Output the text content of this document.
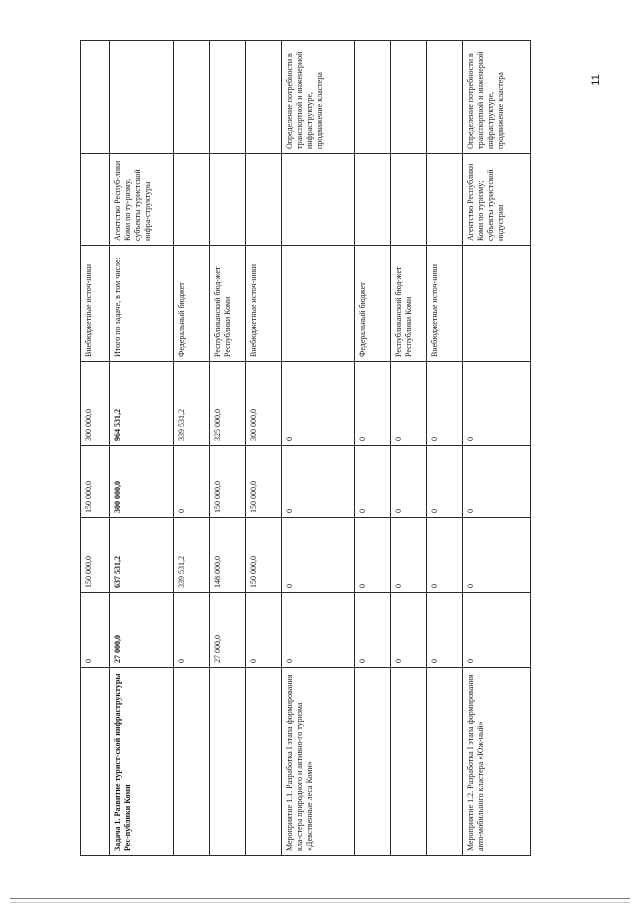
	0	150 000,0	150 000,0	300 000,0	Внебюджетные источ-ники		
Задача 1. Развитие турист-ской инфраструктуры Рес-публики Коми	27 000,0	637 531,2	300 000,0	964 531,2	Итого по задаче, в том числе:	Агентство Респуб-лики Коми по ту-ризму, субъекты туристской инфра-структуры	
	0	339 531,2	0	339 531,2	Федеральный бюджет		
	27 000,0	148 000,0	150 000,0	325 000,0	Республиканский бюд-жет Республики Коми		
	0	150 000,0	150 000,0	300 000,0	Внебюджетные источ-ники		
Мероприятие 1.1. Разработка I этапа формирования кла-стера природного и активно-го туризма «Девственные леса Коми»	0	0	0	0			Определение потребности в транспортной и инженерной инфраструктуре, продвижение кластера
	0	0	0	0	Федеральный бюджет		
	0	0	0	0	Республиканский бюд-жет Республики Коми		
	0	0	0	0	Внебюджетные источ-ники		
Мероприятие 1.2. Разработка I этапа формирования авто-мобильного кластера «Юж-ный»	0	0	0	0		Агентство Республики Коми по туризму; субъекты туристской индустрии	Определение потребности в транспортной и инженерной инфраструктуре, продвижение кластера	11
